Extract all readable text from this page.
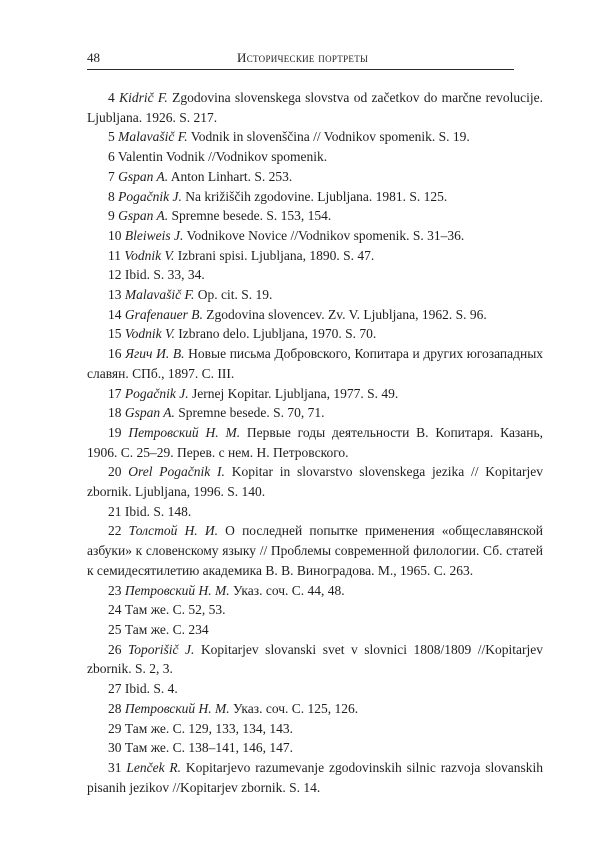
48	Исторические портреты

4 Kidrič F. Zgodovina slovenskega slovstva od začetkov do marčne revolucije. Ljubljana. 1926. S. 217.

5 Malavašič F. Vodnik in slovenščina // Vodnikov spomenik. S. 19.

6 Valentin Vodnik //Vodnikov spomenik.

7 Gspan A. Anton Linhart. S. 253.

8 Pogačnik J. Na križiščih zgodovine. Ljubljana. 1981. S. 125.

9 Gspan A. Spremne besede. S. 153, 154.

10 Bleiweis J. Vodnikove Novice //Vodnikov spomenik. S. 31–36.

11 Vodnik V. Izbrani spisi. Ljubljana, 1890. S. 47.

12 Ibid. S. 33, 34.

13 Malavašič F. Op. cit. S. 19.

14 Grafenauer B. Zgodovina slovencev. Zv. V. Ljubljana, 1962. S. 96.

15 Vodnik V. Izbrano delo. Ljubljana, 1970. S. 70.

16 Ягич И. В. Новые письма Добровского, Копитара и других югозападных славян. СПб., 1897. С. III.

17 Pogačnik J. Jernej Kopitar. Ljubljana, 1977. S. 49.

18 Gspan A. Spremne besede. S. 70, 71.

19 Петровский Н. М. Первые годы деятельности В. Копитаря. Казань, 1906. С. 25–29. Перев. с нем. Н. Петровского.

20 Orel Pogačnik I. Kopitar in slovarstvo slovenskega jezika // Kopitarjev zbornik. Ljubljana, 1996. S. 140.

21 Ibid. S. 148.

22 Толстой Н. И. О последней попытке применения «общеславянской азбуки» к словенскому языку // Проблемы современной филологии. Сб. статей к семидесятилетию академика В. В. Виноградова. М., 1965. С. 263.

23 Петровский Н. М. Указ. соч. С. 44, 48.

24 Там же. С. 52, 53.

25 Там же. С. 234

26 Toporišič J. Kopitarjev slovanski svet v slovnici 1808/1809 //Kopitarjev zbornik. S. 2, 3.

27 Ibid. S. 4.

28 Петровский Н. М. Указ. соч. С. 125, 126.

29 Там же. С. 129, 133, 134, 143.

30 Там же. С. 138–141, 146, 147.

31 Lenček R. Kopitarjevo razumevanje zgodovinskih silnic razvoja slovanskih pisanih jezikov //Kopitarjev zbornik. S. 14.
